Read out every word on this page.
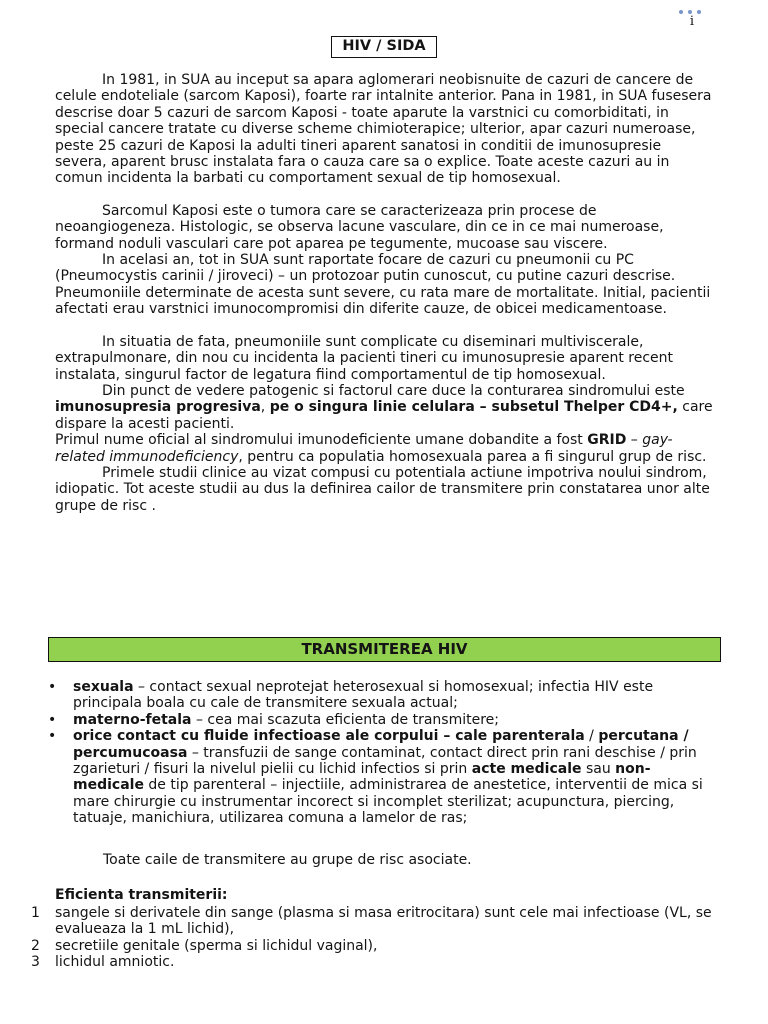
i
HIV / SIDA

In 1981, in SUA au inceput sa apara aglomerari neobisnuite de cazuri de cancere de celule endoteliale (sarcom Kaposi), foarte rar intalnite anterior. Pana in 1981, in SUA fusesera descrise doar 5 cazuri de sarcom Kaposi - toate aparute la varstnici cu comorbiditati, in special cancere tratate cu diverse scheme chimioterapice; ulterior, apar cazuri numeroase, peste 25 cazuri de Kaposi la adulti tineri aparent sanatosi in conditii de imunosupresie severa, aparent brusc instalata fara o cauza care sa o explice. Toate aceste cazuri au in comun incidenta la barbati cu comportament sexual de tip homosexual.

Sarcomul Kaposi este o tumora care se caracterizeaza prin procese de neoangiogeneza. Histologic, se observa lacune vasculare, din ce in ce mai numeroase, formand noduli vasculari care pot aparea pe tegumente, mucoase sau viscere.

In acelasi an, tot in SUA sunt raportate focare de cazuri cu pneumonii cu PC (Pneumocystis carinii / jiroveci) – un protozoar putin cunoscut, cu putine cazuri descrise. Pneumoniile determinate de acesta sunt severe, cu rata mare de mortalitate. Initial, pacientii afectati erau varstnici imunocompromisi din diferite cauze, de obicei medicamentoase.

In situatia de fata, pneumoniile sunt complicate cu diseminari multiviscerale, extrapulmonare, din nou cu incidenta la pacienti tineri cu imunosupresie aparent recent instalata, singurul factor de legatura fiind comportamentul de tip homosexual.

Din punct de vedere patogenic si factorul care duce la conturarea sindromului este imunosupresia progresiva, pe o singura linie celulara – subsetul Thelper CD4+, care dispare la acesti pacienti.

Primul nume oficial al sindromului imunodeficiente umane dobandite a fost GRID – gay-related immunodeficiency, pentru ca populatia homosexuala parea a fi singurul grup de risc.

Primele studii clinice au vizat compusi cu potentiala actiune impotriva noului sindrom, idiopatic. Tot aceste studii au dus la definirea cailor de transmitere prin constatarea unor alte grupe de risc .

TRANSMITEREA HIV
• sexuala – contact sexual neprotejat heterosexual si homosexual; infectia HIV este principala boala cu cale de transmitere sexuala actual;
• materno-fetala – cea mai scazuta eficienta de transmitere;
• orice contact cu fluide infectioase ale corpului – cale parenterala / percutana / percumucoasa – transfuzii de sange contaminat, contact direct prin rani deschise / prin zgarieturi / fisuri la nivelul pielii cu lichid infectios si prin acte medicale sau non-medicale de tip parenteral – injectiile, administrarea de anestetice, interventii de mica si mare chirurgie cu instrumentar incorect si incomplet sterilizat; acupunctura, piercing, tatuaje, manichiura, utilizarea comuna a lamelor de ras;

Toate caile de transmitere au grupe de risc asociate.

Eficienta transmiterii:

1 sangele si derivatele din sange (plasma si masa eritrocitara) sunt cele mai infectioase (VL, se evalueaza la 1 mL lichid),
2 secretiile genitale (sperma si lichidul vaginal),
3 lichidul amniotic.
